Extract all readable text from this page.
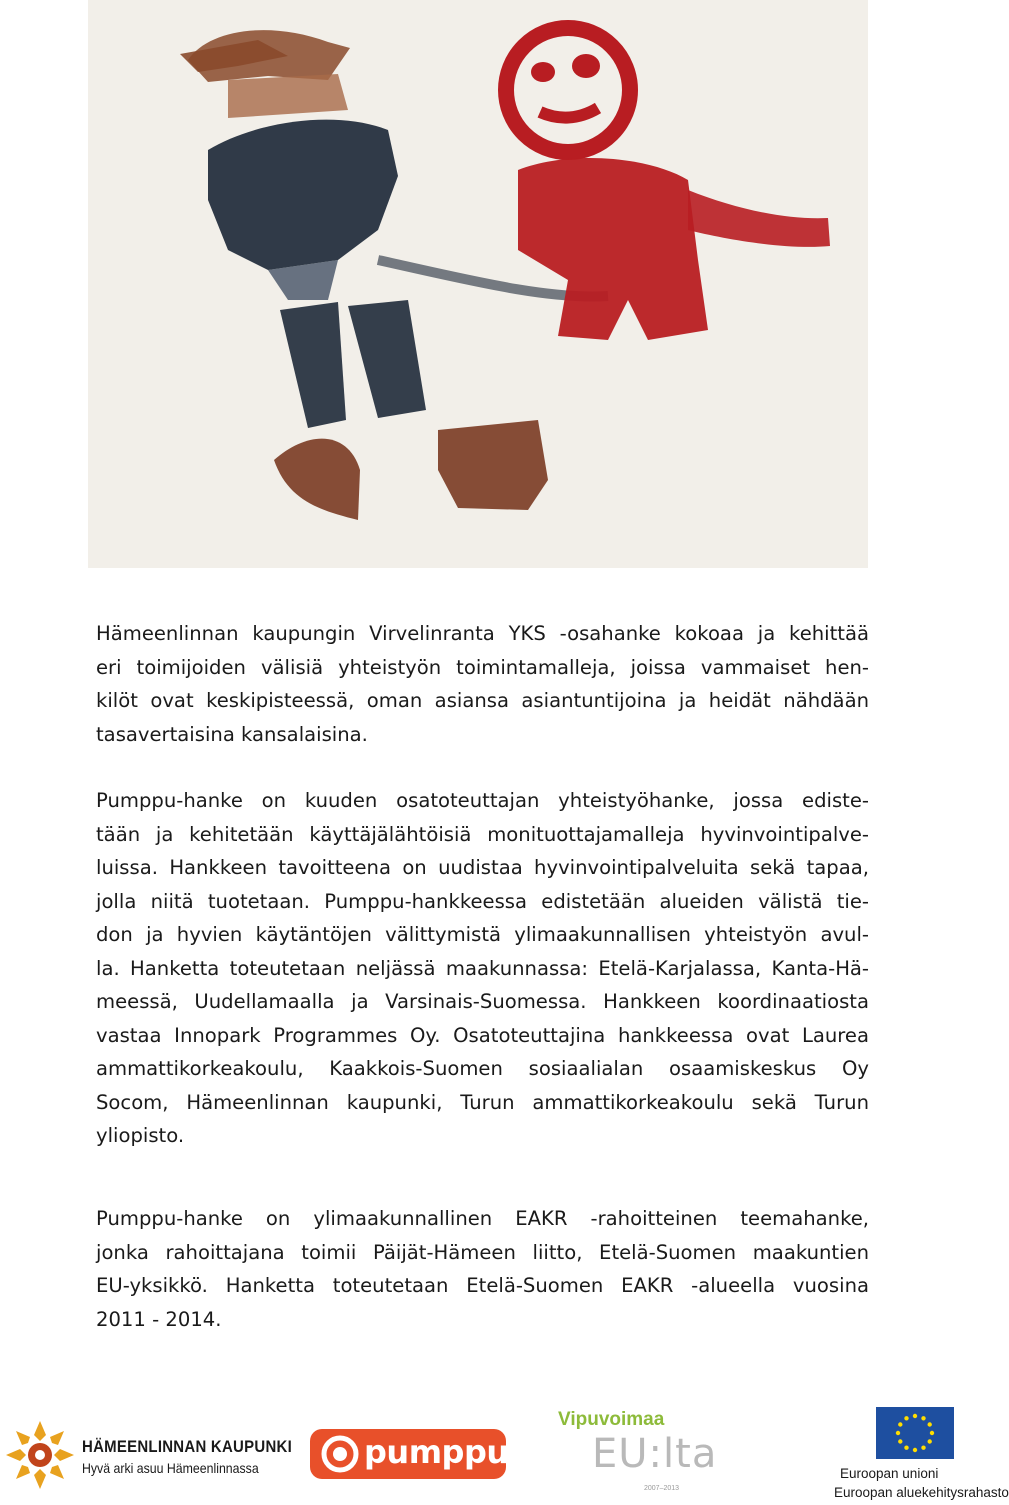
Hämeenlinnan kaupungin Virvelinranta YKS -osahanke kokoaa ja kehittää

eri toimijoiden välisiä yhteistyön toimintamalleja, joissa vammaiset hen-

kilöt ovat keskipisteessä, oman asiansa asiantuntijoina ja heidät nähdään

tasavertaisina kansalaisina.

Pumppu-hanke on kuuden osatoteuttajan yhteistyöhanke, jossa ediste-

tään ja kehitetään käyttäjälähtöisiä monituottajamalleja hyvinvointipalve-

luissa. Hankkeen tavoitteena on uudistaa hyvinvointipalveluita sekä tapaa,

jolla niitä tuotetaan. Pumppu-hankkeessa edistetään alueiden välistä tie-

don ja hyvien käytäntöjen välittymistä ylimaakunnallisen yhteistyön avul-

la. Hanketta toteutetaan neljässä maakunnassa: Etelä-Karjalassa, Kanta-Hä-

meessä, Uudellamaalla ja Varsinais-Suomessa. Hankkeen koordinaatiosta

vastaa Innopark Programmes Oy. Osatoteuttajina hankkeessa ovat Laurea

ammattikorkeakoulu, Kaakkois-Suomen sosiaalialan osaamiskeskus Oy

Socom, Hämeenlinnan kaupunki, Turun ammattikorkeakoulu sekä Turun

yliopisto.

Pumppu-hanke on ylimaakunnallinen EAKR -rahoitteinen teemahanke,

jonka rahoittajana toimii Päijät-Hämeen liitto, Etelä-Suomen maakuntien

EU-yksikkö. Hanketta toteutetaan Etelä-Suomen EAKR -alueella vuosina

2011 - 2014.

HÄMEENLINNAN KAUPUNKI
Hyvä arki asuu Hämeenlinnassa	pumppu
Vipuvoimaa
EU:lta
2007–2013
Euroopan unioni
Euroopan aluekehitysrahasto
